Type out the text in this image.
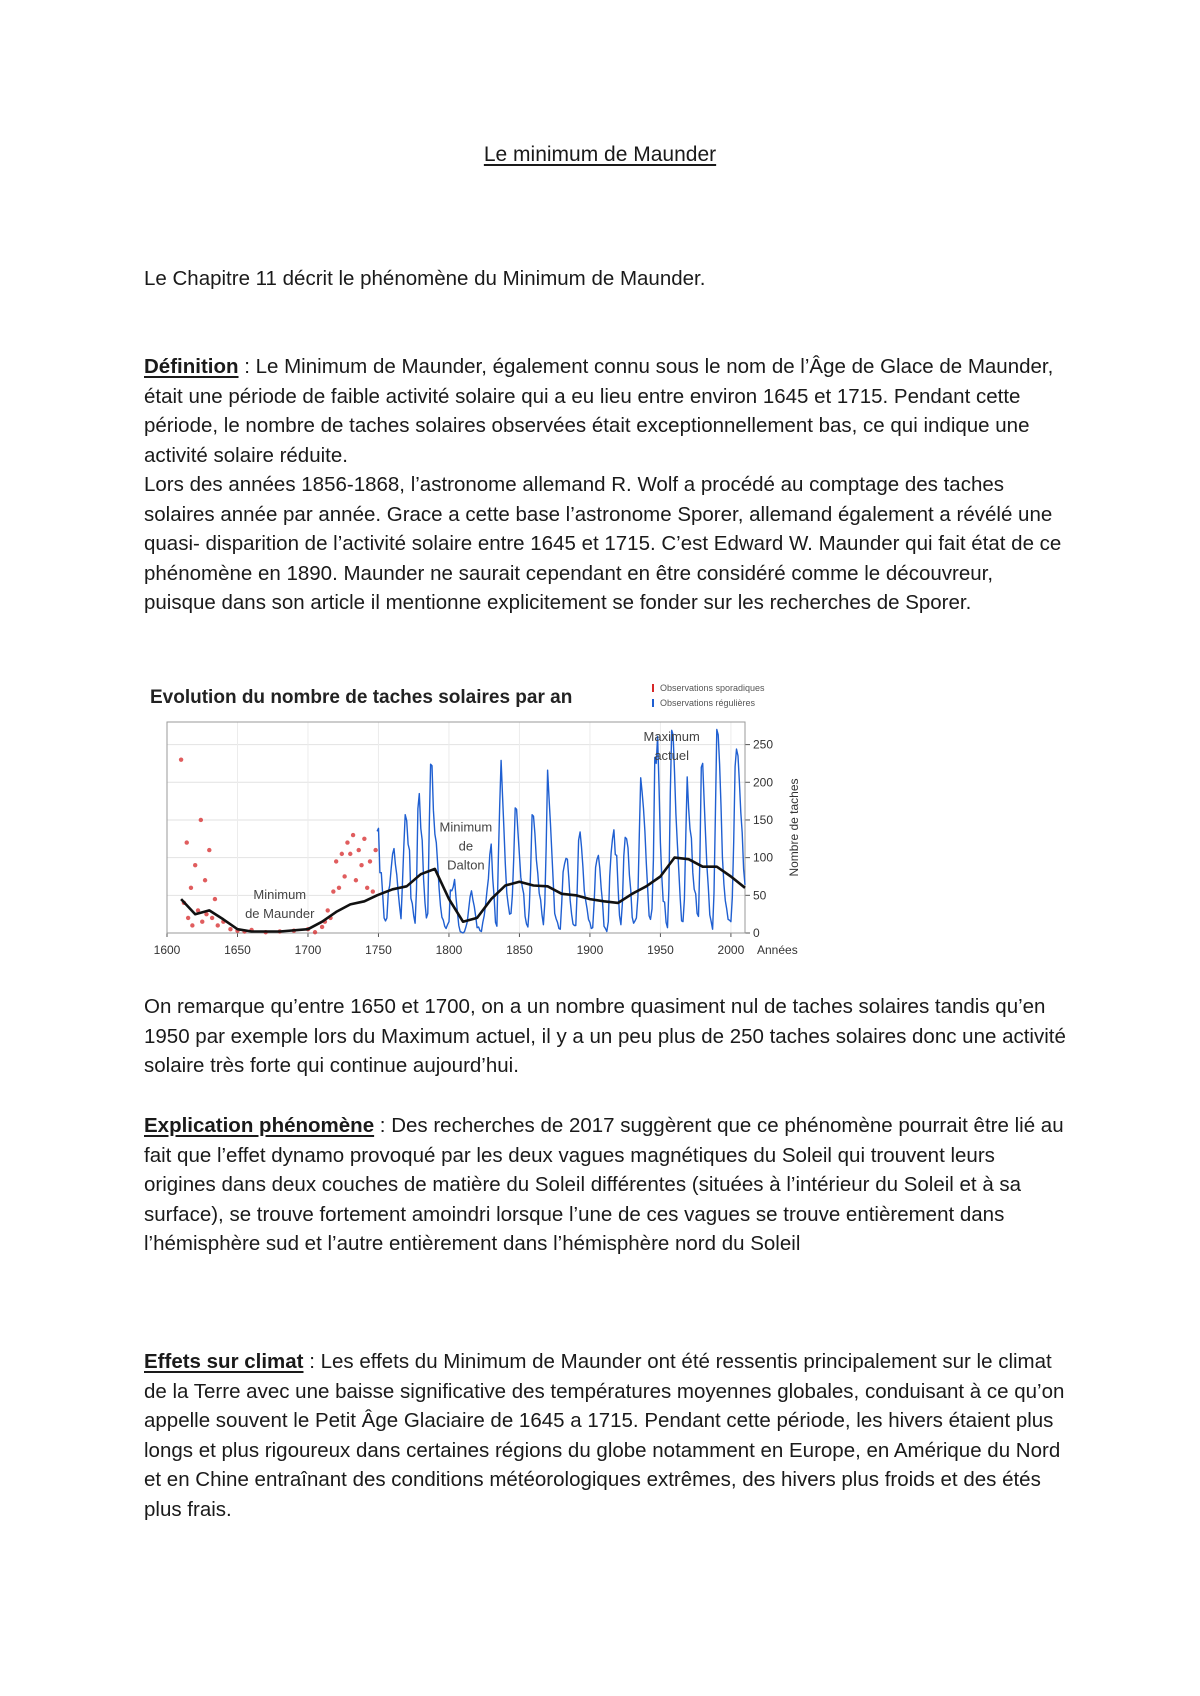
Le minimum de Maunder
Le Chapitre 11 décrit le phénomène du Minimum de Maunder.
Définition : Le Minimum de Maunder, également connu sous le nom de l’Âge de Glace de Maunder, était une période de faible activité solaire qui a eu lieu entre environ 1645 et 1715. Pendant cette période, le nombre de taches solaires observées était exceptionnellement bas, ce qui indique une activité solaire réduite.
Lors des années 1856-1868, l’astronome allemand R. Wolf a procédé au comptage des taches solaires année par année. Grace a cette base l’astronome Sporer, allemand également a révélé une quasi- disparition de l’activité solaire entre 1645 et 1715. C’est Edward W. Maunder qui fait état de ce phénomène en 1890. Maunder ne saurait cependant en être considéré comme le découvreur, puisque dans son article il mentionne explicitement se fonder sur les recherches de Sporer.
Evolution du nombre de taches solaires par an	Observations sporadiques
Observations régulières
0
50
100
150
200
250
1600	1650	1700	1750	1800	1850	1900	1950	2000 Années
Nombre de taches
Minimum
de Maunder
Minimum
de
Dalton
Maximum
actuel
On remarque qu’entre 1650 et 1700, on a un nombre quasiment nul de taches solaires tandis qu’en 1950 par exemple lors du Maximum actuel, il y a un peu plus de 250 taches solaires donc une activité solaire très forte qui continue aujourd’hui.
Explication phénomène : Des recherches de 2017 suggèrent que ce phénomène pourrait être lié au fait que l’effet dynamo provoqué par les deux vagues magnétiques du Soleil qui trouvent leurs origines dans deux couches de matière du Soleil différentes (situées à l’intérieur du Soleil et à sa surface), se trouve fortement amoindri lorsque l’une de ces vagues se trouve entièrement dans l’hémisphère sud et l’autre entièrement dans l’hémisphère nord du Soleil
Effets sur climat : Les effets du Minimum de Maunder ont été ressentis principalement sur le climat de la Terre avec une baisse significative des températures moyennes globales, conduisant à ce qu’on appelle souvent le Petit Âge Glaciaire de 1645 a 1715. Pendant cette période, les hivers étaient plus longs et plus rigoureux dans certaines régions du globe notamment en Europe, en Amérique du Nord et en Chine entraînant des conditions météorologiques extrêmes, des hivers plus froids et des étés plus frais.
